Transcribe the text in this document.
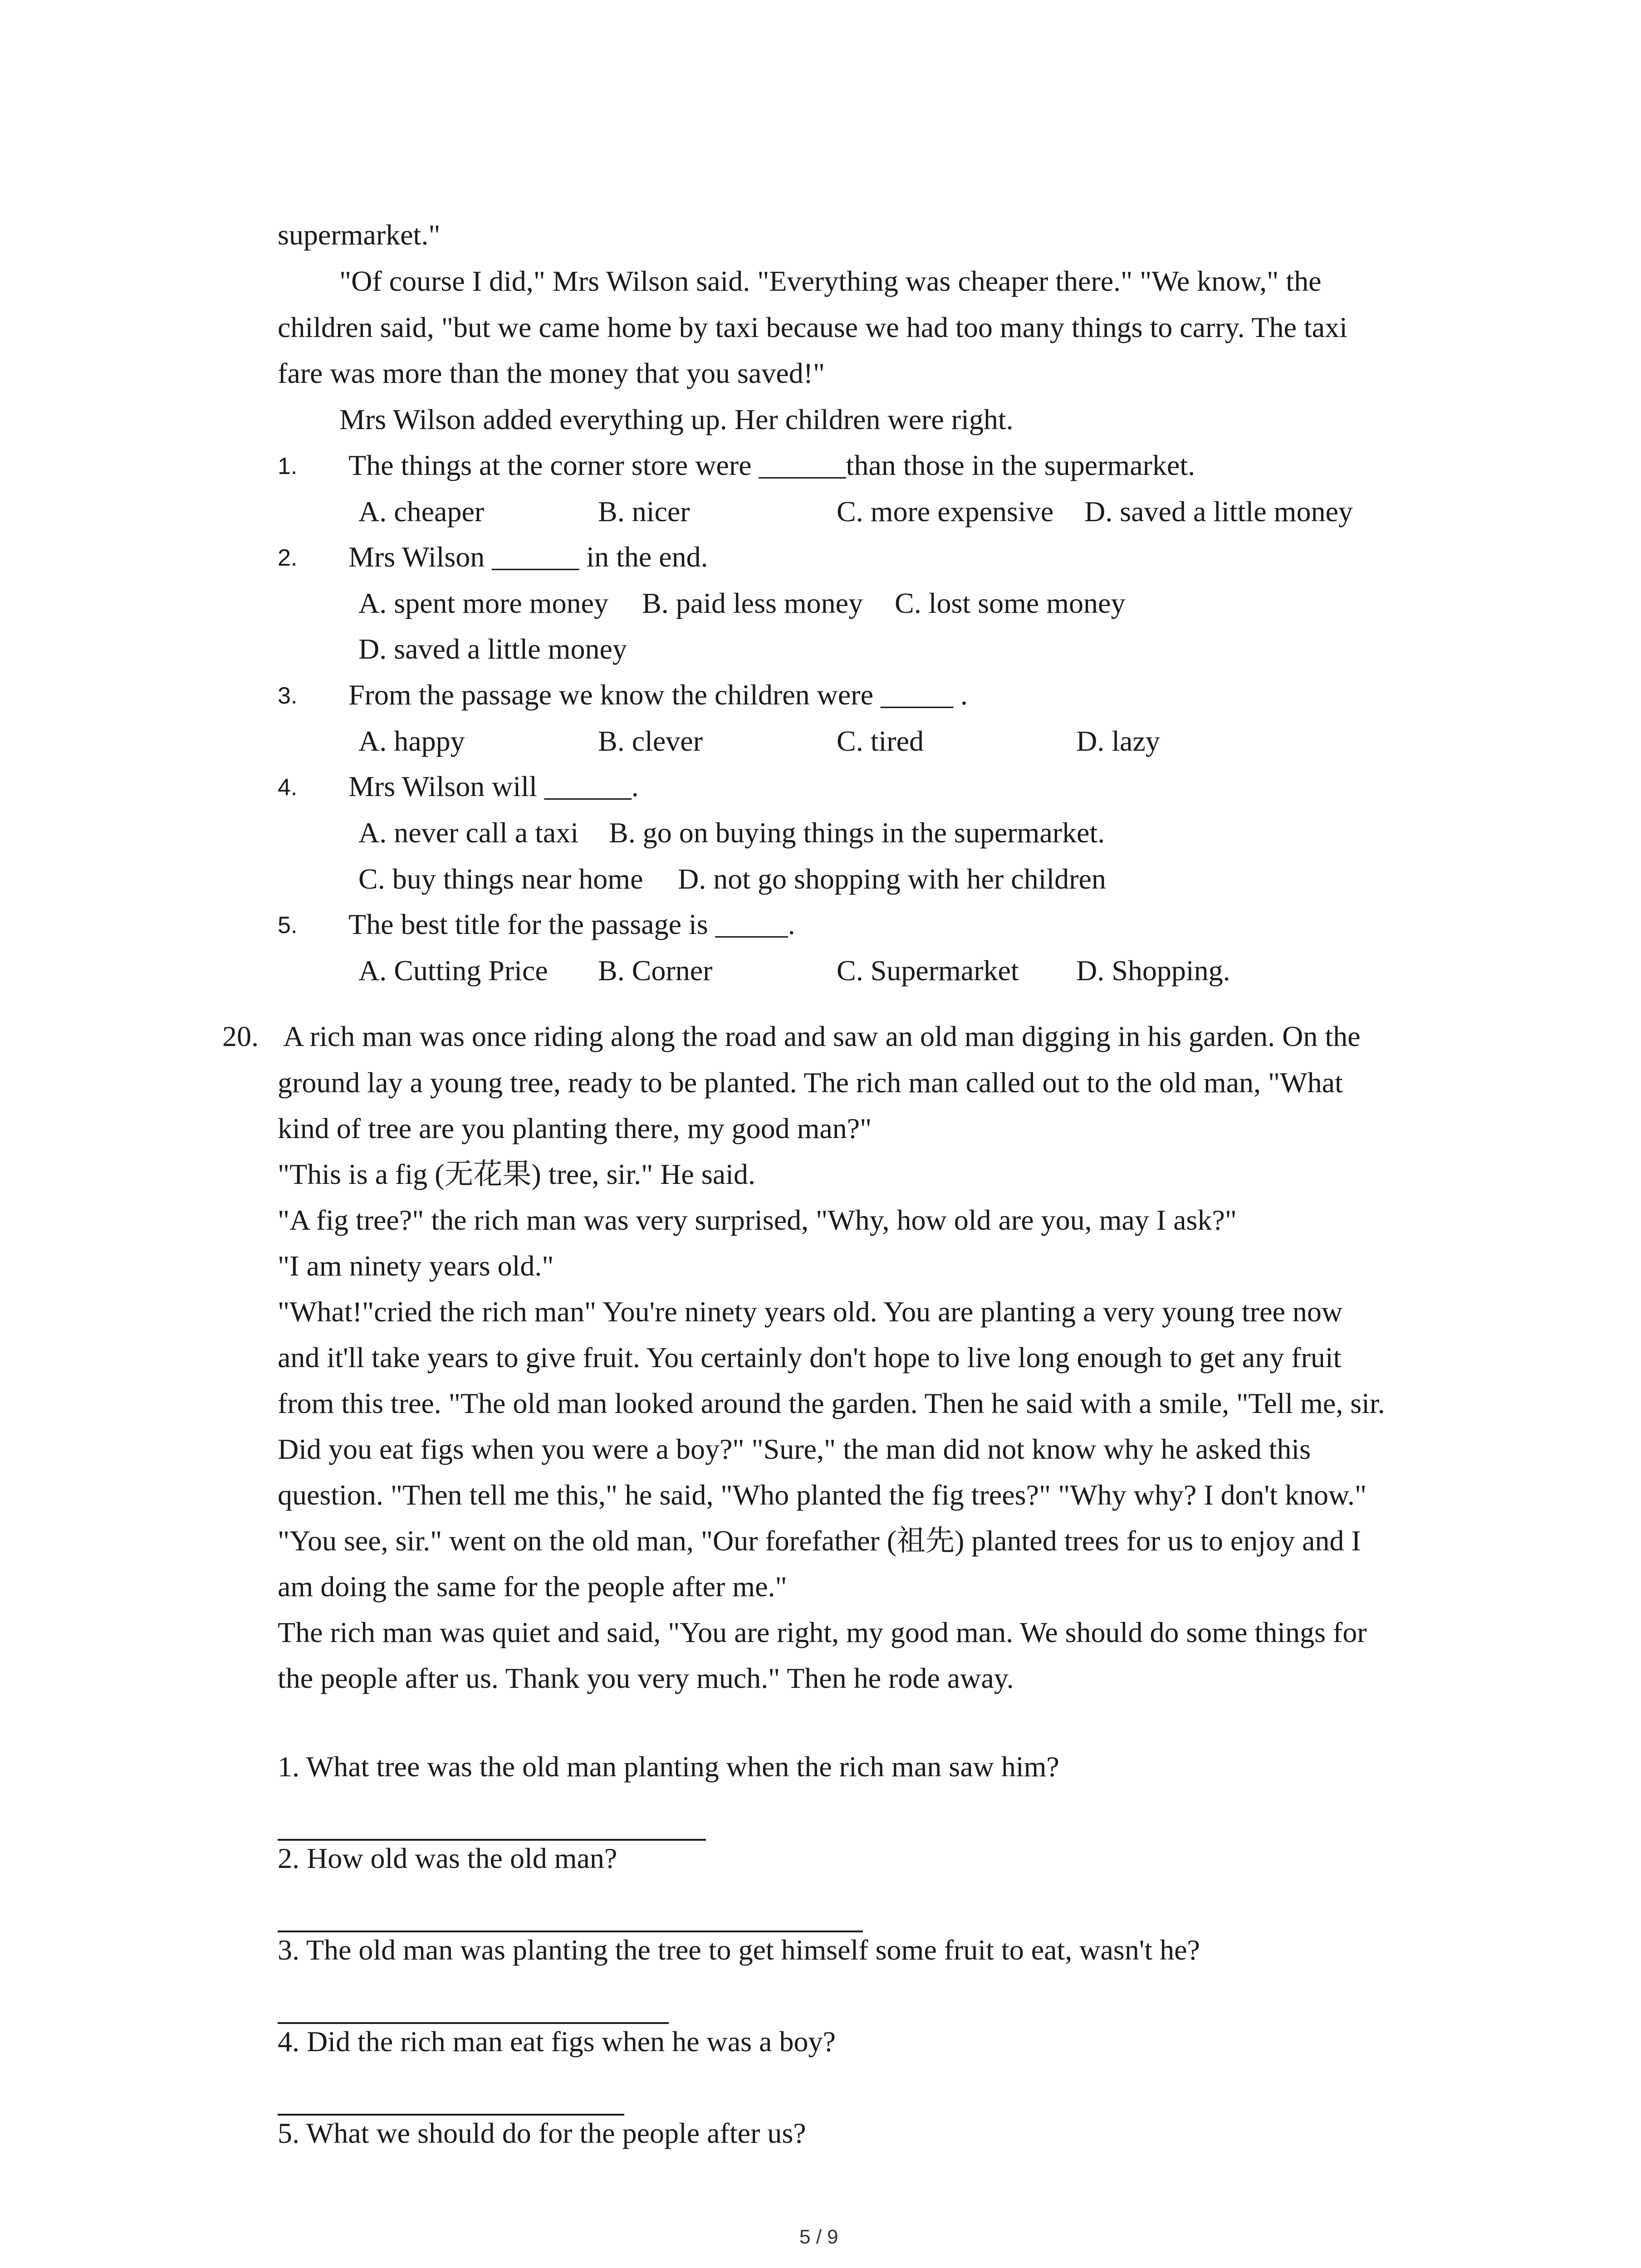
supermarket."
"Of course I did," Mrs Wilson said. "Everything was cheaper there." "We know," the
children said, "but we came home by taxi because we had too many things to carry. The taxi
fare was more than the money that you saved!"
Mrs Wilson added everything up. Her children were right.
1. The things at the corner store were ______than those in the supermarket.
A. cheaper	B. nicer	C. more expensive D. saved a little money
2. Mrs Wilson ______ in the end.
A. spent more money B. paid less money C. lost some money
D. saved a little money
3. From the passage we know the children were _____ .
A. happy	B. clever	C. tired	D. lazy
4. Mrs Wilson will ______.
A. never call a taxi B. go on buying things in the supermarket.
C. buy things near home D. not go shopping with her children
5. The best title for the passage is _____.
A. Cutting Price B. Corner	C. Supermarket D. Shopping.
20. A rich man was once riding along the road and saw an old man digging in his garden. On the
ground lay a young tree, ready to be planted. The rich man called out to the old man, "What
kind of tree are you planting there, my good man?"
"This is a fig (无花果) tree, sir." He said.
"A fig tree?" the rich man was very surprised, "Why, how old are you, may I ask?"
"I am ninety years old."
"What!"cried the rich man" You're ninety years old. You are planting a very young tree now
and it'll take years to give fruit. You certainly don't hope to live long enough to get any fruit
from this tree. "The old man looked around the garden. Then he said with a smile, "Tell me, sir.
Did you eat figs when you were a boy?" "Sure," the man did not know why he asked this
question. "Then tell me this," he said, "Who planted the fig trees?" "Why why? I don't know."
"You see, sir." went on the old man, "Our forefather (祖先) planted trees for us to enjoy and I
am doing the same for the people after me."
The rich man was quiet and said, "You are right, my good man. We should do some things for
the people after us. Thank you very much." Then he rode away.
1. What tree was the old man planting when the rich man saw him?
2. How old was the old man?
3. The old man was planting the tree to get himself some fruit to eat, wasn't he?
4. Did the rich man eat figs when he was a boy?
5. What we should do for the people after us?
5 / 9
